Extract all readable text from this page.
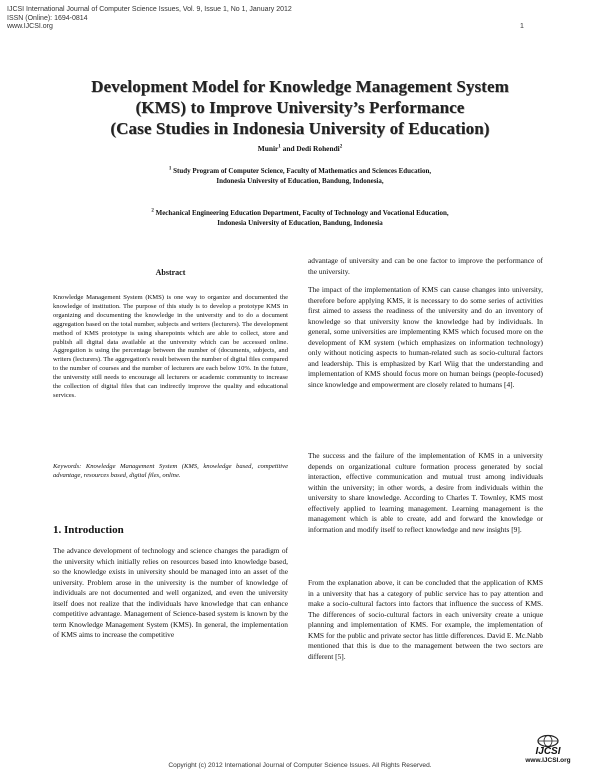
IJCSI International Journal of Computer Science Issues, Vol. 9, Issue 1, No 1, January 2012
ISSN (Online): 1694-0814
www.IJCSI.org	1
Development Model for Knowledge Management System
(KMS) to Improve University’s Performance
(Case Studies in Indonesia University of Education)
Munir$^1$ and Dedi Rohendi$^2$
$^1$ Study Program of Computer Science, Faculty of Mathematics and Sciences Education,
Indonesia University of Education, Bandung, Indonesia,
$^2$ Mechanical Engineering Education Department, Faculty of Technology and Vocational Education,
Indonesia University of Education, Bandung, Indonesia
Abstract

Knowledge Management System (KMS) is one way to organize and documented the knowledge of institution. The purpose of this study is to develop a prototype KMS in organizing and documenting the knowledge in the university and to do a document aggregation based on the total number, subjects and writers (lecturers). The development method of KMS prototype is using sharepoints which are able to collect, store and publish all digital data available at the university which can be accessed online. Aggregation is using the percentage between the number of (documents, subjects, and writers (lecturers). The aggregation's result between the number of digital files compared to the number of courses and the number of lecturers are each below 10%. In the future, the university still needs to encourage all lecturers or academic community to increase the collection of digital files that can indirectly improve the quality and educational services.

Keywords: Knowledge Management System (KMS, knowledge based, competitive advantage, resources based, digital files, online.

1. Introduction

The advance development of technology and science changes the paradigm of the university which initially relies on resources based into knowledge based, so the knowledge exists in university should be managed into an asset of the university. Problem arose in the university is the number of knowledge of individuals are not documented and well organized, and even the university itself does not realize that the individuals have knowledge that can enhance competitive advantage. Management of Science-based system is known by the term Knowledge Management System (KMS). In general, the implementation of KMS aims to increase the competitive

advantage of university and can be one factor to improve the performance of the university.

The impact of the implementation of KMS can cause changes into university, therefore before applying KMS, it is necessary to do some series of activities first aimed to assess the readiness of the university and do an inventory of knowledge so that university know the knowledge had by individuals. In general, some universities are implementing KMS which focused more on the development of KM system (which emphasizes on information technology) only without noticing aspects to human-related such as socio-cultural factors and leadership. This is emphasized by Karl Wiig that the understanding and implementation of KMS should focus more on human beings (people-focused) since knowledge and empowerment are closely related to humans [4].

The success and the failure of the implementation of KMS in a university depends on organizational culture formation process generated by social interaction, effective communication and mutual trust among individuals within the university; in other words, a desire from individuals within the university to share knowledge. According to Charles T. Townley, KMS most effectively applied to learning management. Learning management is the management which is able to create, add and forward the knowledge or information and modify itself to reflect knowledge and new insights [9].

From the explanation above, it can be concluded that the application of KMS in a university that has a category of public service has to pay attention and make a socio-cultural factors into factors that influence the success of KMS. The differences of socio-cultural factors in each university create a unique planning and implementation of KMS. For example, the implementation of KMS for the public and private sector has little differences. David E. Mc.Nabb mentioned that this is due to the management between the two sectors are different [5].

Copyright (c) 2012 International Journal of Computer Science Issues. All Rights Reserved.
IJCSI
www.IJCSI.org
